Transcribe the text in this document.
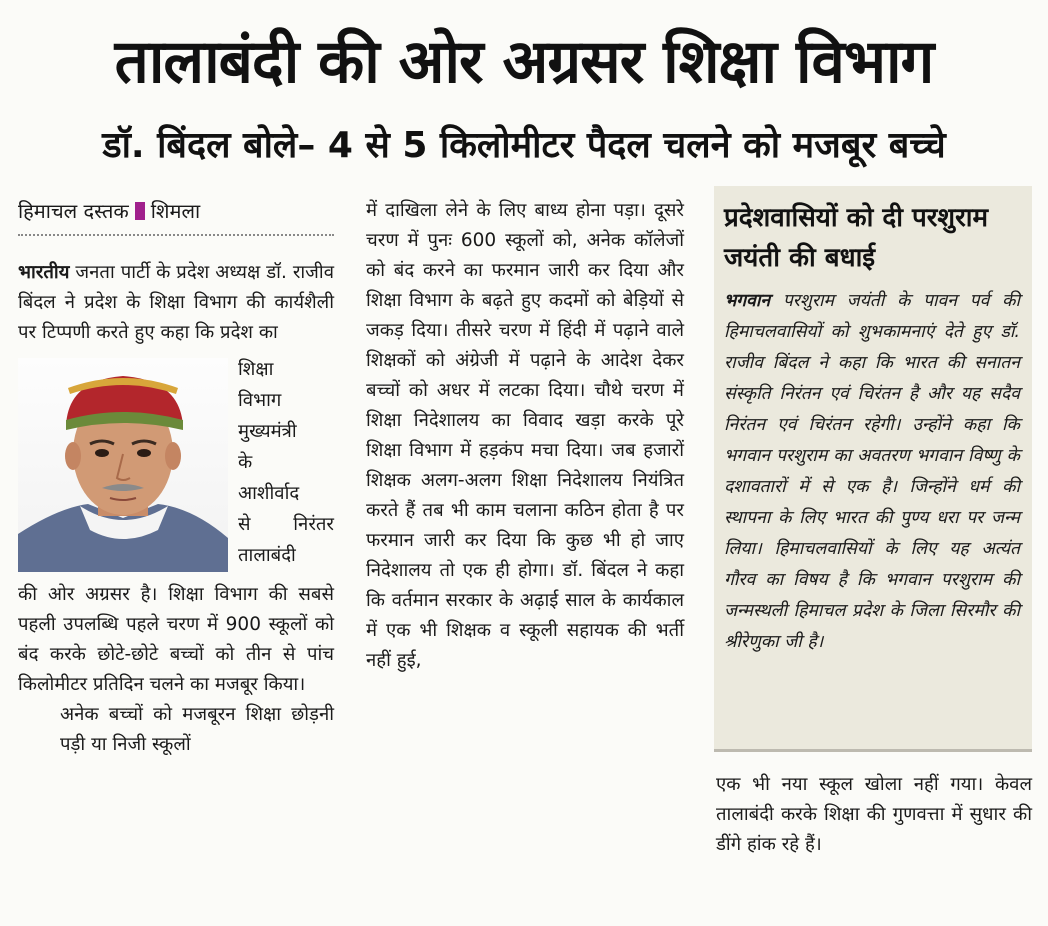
तालाबंदी की ओर अग्रसर शिक्षा विभाग
डॉ. बिंदल बोले– 4 से 5 किलोमीटर पैदल चलने को मजबूर बच्चे
हिमाचल दस्तक शिमला

भारतीय जनता पार्टी के प्रदेश अध्यक्ष डॉ. राजीव बिंदल ने प्रदेश के शिक्षा विभाग की कार्यशैली पर टिप्पणी करते हुए कहा कि प्रदेश का

शिक्षा
विभाग
मुख्यमंत्री
के
आशीर्वाद
से निरंतर
तालाबंदी

की ओर अग्रसर है। शिक्षा विभाग की सबसे पहली उपलब्धि पहले चरण में 900 स्कूलों को बंद करके छोटे-छोटे बच्चों को तीन से पांच किलोमीटर प्रतिदिन चलने का मजबूर किया।

अनेक बच्चों को मजबूरन शिक्षा छोड़नी पड़ी या निजी स्कूलों

में दाखिला लेने के लिए बाध्य होना पड़ा। दूसरे चरण में पुनः 600 स्कूलों को, अनेक कॉलेजों को बंद करने का फरमान जारी कर दिया और शिक्षा विभाग के बढ़ते हुए कदमों को बेड़ियों से जकड़ दिया। तीसरे चरण में हिंदी में पढ़ाने वाले शिक्षकों को अंग्रेजी में पढ़ाने के आदेश देकर बच्चों को अधर में लटका दिया। चौथे चरण में शिक्षा निदेशालय का विवाद खड़ा करके पूरे शिक्षा विभाग में हड़कंप मचा दिया। जब हजारों शिक्षक अलग-अलग शिक्षा निदेशालय नियंत्रित करते हैं तब भी काम चलाना कठिन होता है पर फरमान जारी कर दिया कि कुछ भी हो जाए निदेशालय तो एक ही होगा। डॉ. बिंदल ने कहा कि वर्तमान सरकार के अढ़ाई साल के कार्यकाल में एक भी शिक्षक व स्कूली सहायक की भर्ती नहीं हुई,

प्रदेशवासियों को दी परशुराम जयंती की बधाई
भगवान परशुराम जयंती के पावन पर्व की हिमाचलवासियों को शुभकामनाएं देते हुए डॉ. राजीव बिंदल ने कहा कि भारत की सनातन संस्कृति निरंतन एवं चिरंतन है और यह सदैव निरंतन एवं चिरंतन रहेगी। उन्होंने कहा कि भगवान परशुराम का अवतरण भगवान विष्णु के दशावतारों में से एक है। जिन्होंने धर्म की स्थापना के लिए भारत की पुण्य धरा पर जन्म लिया। हिमाचलवासियों के लिए यह अत्यंत गौरव का विषय है कि भगवान परशुराम की जन्मस्थली हिमाचल प्रदेश के जिला सिरमौर की श्रीरेणुका जी है।

एक भी नया स्कूल खोला नहीं गया। केवल तालाबंदी करके शिक्षा की गुणवत्ता में सुधार की डींगे हांक रहे हैं।
